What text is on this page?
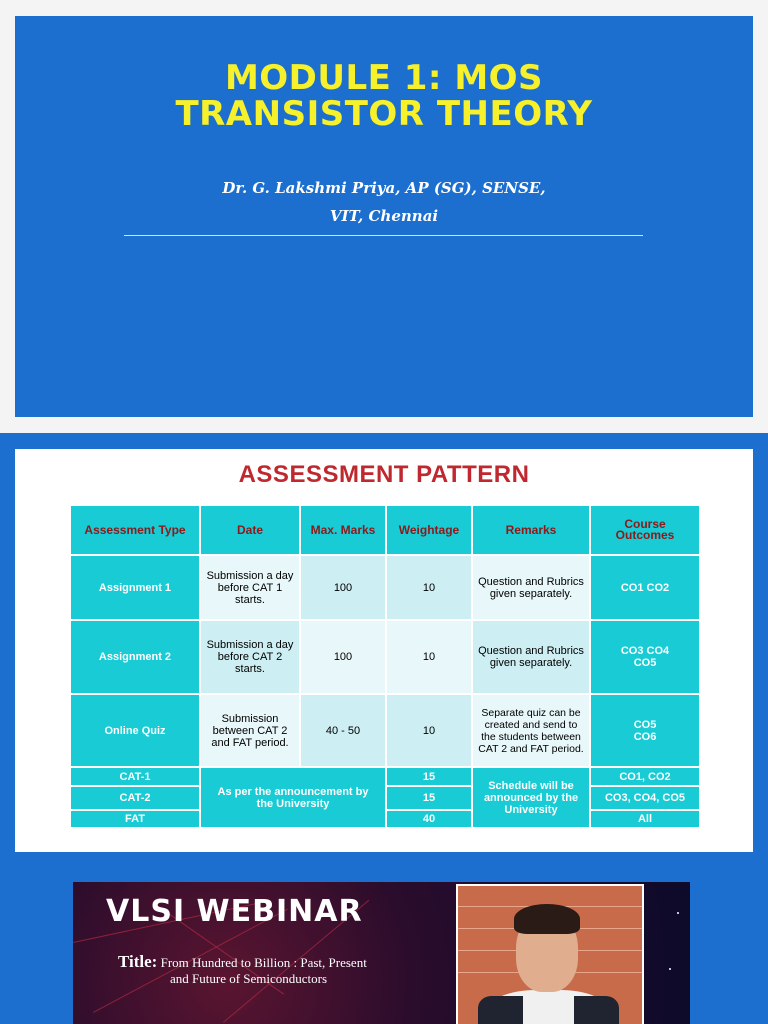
MODULE 1: MOS
TRANSISTOR THEORY
Dr. G. Lakshmi Priya, AP (SG), SENSE,
VIT, Chennai
ASSESSMENT PATTERN
Assessment Type	Date	Max. Marks	Weightage	Remarks	Course Outcomes
Assignment 1	Submission a day before CAT 1 starts.	100	10	Question and Rubrics given separately.	CO1 CO2
Assignment 2	Submission a day before CAT 2 starts.	100	10	Question and Rubrics given separately.	CO3 CO4 CO5
Online Quiz	Submission between CAT 2 and FAT period.	40 - 50	10	Separate quiz can be created and send to the students between CAT 2 and FAT period.	CO5 CO6
CAT-1	As per the announcement by the University		15	Schedule will be announced by the University	CO1, CO2
CAT-2			15		CO3, CO4, CO5
FAT			40		All
VLSI WEBINAR
Title: From Hundred to Billion : Past, Present
and Future of Semiconductors
